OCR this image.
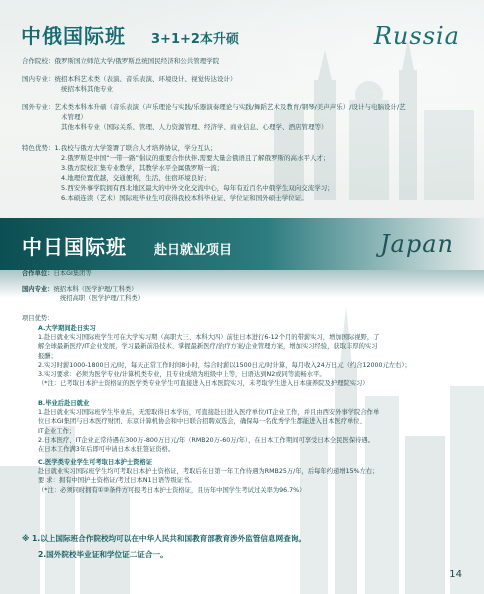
中俄国际班 3+1+2本升硕	Russia
合作院校：俄罗斯国立师范大学/俄罗斯总统国民经济和公共管理学院
国内专业：统招本科艺术类（表演、音乐表演、环境设计、视觉传达设计）
统招本科其他专业
国外专业：艺术类本科本升硕（音乐表演（声乐理论与实践/乐器演奏理论与实践/舞蹈艺术及教育/钢琴/美声声乐）/设计与电脑设计/艺
术管理）
其他本科专业（国际关系、管理、人力资源管理、经济学、商业信息、心理学、酒店管理等）
特色优势：1.我校与俄方大学签署了联合人才培养协议，学分互认；
2.俄罗斯是中国“一带一路”倡议的重要合作伙伴,需要大量会俄语且了解俄罗斯的高水平人才；
3.俄方院校汇集专业教学，其教学水平全属俄罗斯一流；
4.地理位置优越，交通便利，生活、住宿环境良好；
5.西安外事学院拥有西北地区最大的中外文化交流中心，每年有近百名中俄学生双向交流学习；
6.本硕连读（艺术）国际班毕业生可获得我校本科毕业证、学位证和国外硕士学位证。
中日国际班 赴日就业项目	Japan
合作单位：日本GI集团等
国内专业：统招本科（医学护理/工科类）
统招高职（医学护理/工科类）
项目优势：
A.大学期间赴日实习
1.赴日就业实习国际班学生可在大学实习期（高职大三、本科大四）前往日本进行6-12个月的带薪实习，增加国际视野，了
解全球最新医疗/IT企业发展，学习最新前沿技术、掌握最新医疗/治疗方案/企业管理方案，增加实习经验，获取丰厚的实习
报酬；
2.实习时薪1000-1800日元/时，每天正常工作时间8小时，综合时薪以1500日元/时计算，每月收入24万日元（约合12000元左右）；
3.实习要求：必须为医学专业/计算机类专业，且专业成绩为班级中上等，日语达到N2或同等流畅水平。
（*注：已考取日本护士资格证的医学类专业学生可直接进入日本医院实习，未考取学生进入日本康养院及护理院实习）
B.毕业后赴日就业
1.赴日就业实习国际班学生毕业后，无需取得日本学历，可直接赴日进入医疗单位/IT企业工作，并且由西安外事学院合作单
位日本GI集团与日本医疗财团、东京计算机协会和中日联合招聘双选会，确保每一名优秀学生都能进入日本医疗单位、
IT企业工作；
2.日本医疗、IT企业正常待遇在300万-800万日元/年（RMB20万-60万/年），在日本工作期间可享受日本全民医保待遇。
在日本工作满3年后即可申请日本永驻签证资格。
C.医学类专业学生可考取日本护士资格证
赴日就业实习国际班学生均可考取日本护士资格证，考取后在日第一年工作待遇为RMB25万/年，后每年约递增15%左右；
要 求：拥有中国护士资格证/考过日本N1日语等级证书。
（*注：必须同时拥有①②条件方可报考日本护士资格证，且历年中国学生考试过关率为96.7%）
※ 1.以上国际班合作院校均可以在中华人民共和国教育部教育涉外监管信息网查询。
2.国外院校毕业证和学位证二证合一。
14
